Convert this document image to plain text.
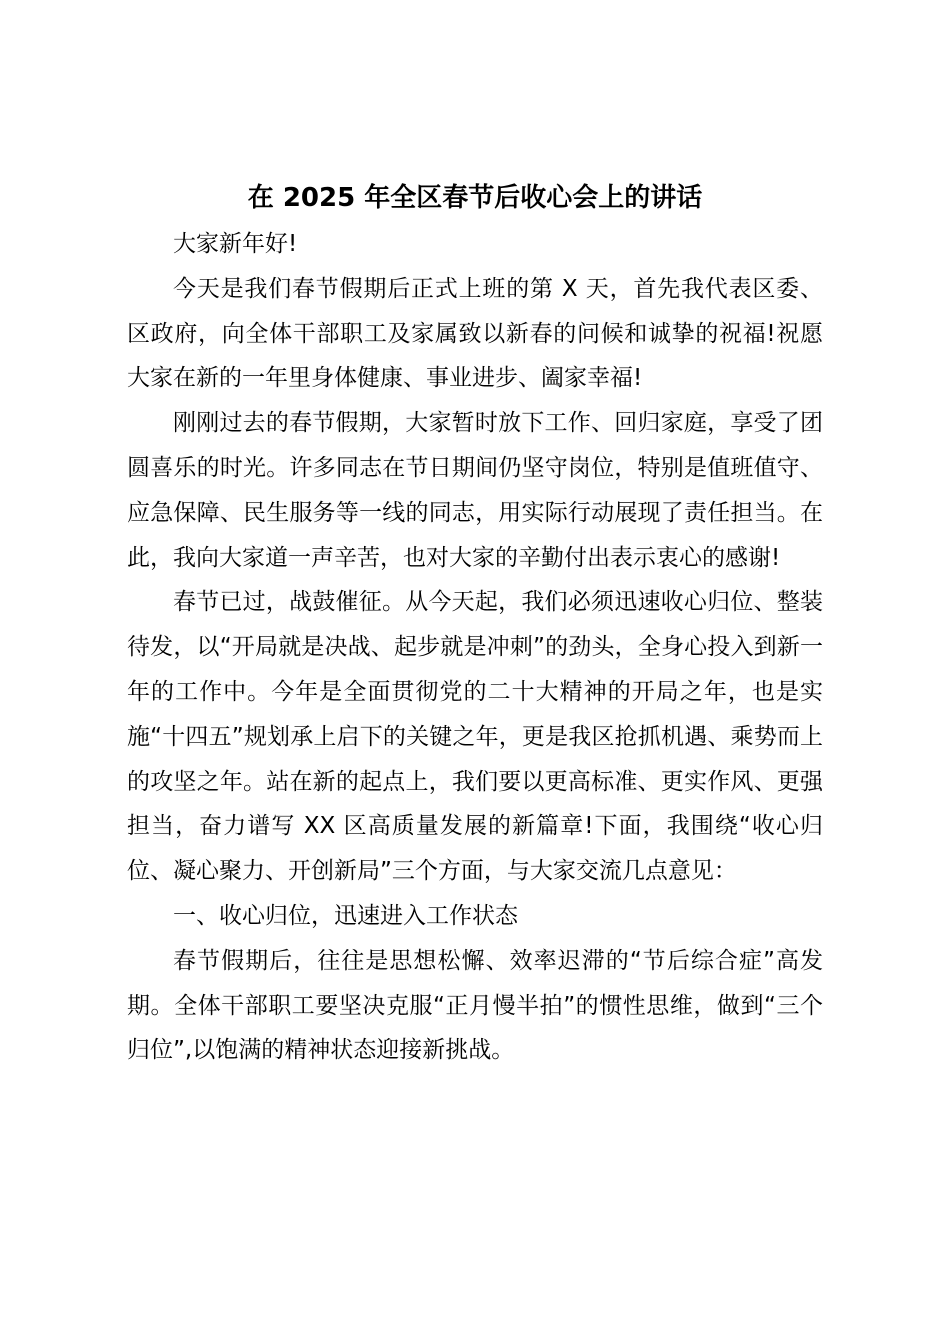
在 2025 年全区春节后收心会上的讲话

大家新年好!

今天是我们春节假期后正式上班的第 X 天，首先我代表区委、区政府，向全体干部职工及家属致以新春的问候和诚挚的祝福!祝愿大家在新的一年里身体健康、事业进步、阖家幸福!

刚刚过去的春节假期，大家暂时放下工作、回归家庭，享受了团圆喜乐的时光。许多同志在节日期间仍坚守岗位，特别是值班值守、应急保障、民生服务等一线的同志，用实际行动展现了责任担当。在此，我向大家道一声辛苦，也对大家的辛勤付出表示衷心的感谢!

春节已过，战鼓催征。从今天起，我们必须迅速收心归位、整装待发，以“开局就是决战、起步就是冲刺”的劲头，全身心投入到新一年的工作中。今年是全面贯彻党的二十大精神的开局之年，也是实施“十四五”规划承上启下的关键之年，更是我区抢抓机遇、乘势而上的攻坚之年。站在新的起点上，我们要以更高标准、更实作风、更强担当，奋力谱写 XX 区高质量发展的新篇章!下面，我围绕“收心归位、凝心聚力、开创新局”三个方面，与大家交流几点意见：

一、收心归位，迅速进入工作状态

春节假期后，往往是思想松懈、效率迟滞的“节后综合症”高发期。全体干部职工要坚决克服“正月慢半拍”的惯性思维，做到“三个归位”,以饱满的精神状态迎接新挑战。
